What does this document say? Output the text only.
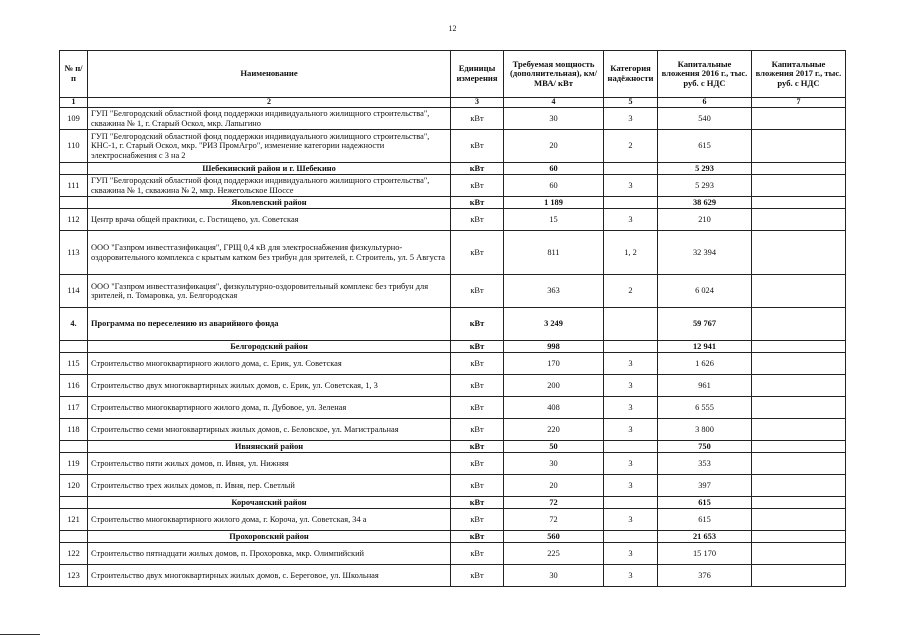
12
№ п/п	Наименование	Единицы измерения	Требуемая мощность (дополнительная), км/ МВА/ кВт	Категория надёжности	Капитальные вложения 2016 г., тыс. руб. с НДС	Капитальные вложения 2017 г., тыс. руб. с НДС
1	2	3	4	5	6	7
109	ГУП "Белгородский областной фонд поддержки индивидуального жилищного строительства", скважина № 1, г. Старый Оскол, мкр. Лапыгино	кВт	30	3	540	
110	ГУП "Белгородский областной фонд поддержки индивидуального жилищного строительства", КНС-1, г. Старый Оскол, мкр. "РИЗ ПромАгро", изменение категории надежности электроснабжения с 3 на 2	кВт	20	2	615	
	Шебекинский район и г. Шебекино	кВт	60		5 293	
111	ГУП "Белгородский областной фонд поддержки индивидуального жилищного строительства", скважина № 1, скважина № 2, мкр. Нежегольское Шоссе	кВт	60	3	5 293	
	Яковлевский район	кВт	1 189		38 629	
112	Центр врача общей практики, с. Гостищево, ул. Советская	кВт	15	3	210	
113	ООО "Газпром инвестгазификация", ГРЩ 0,4 кВ для электроснабжения физкультурно-оздоровительного комплекса с крытым катком без трибун для зрителей, г. Строитель, ул. 5 Августа	кВт	811	1, 2	32 394	
114	ООО "Газпром инвестгазификация", физкультурно-оздоровительный комплекс без трибун для зрителей, п. Томаровка, ул. Белгородская	кВт	363	2	6 024	
4.	Программа по переселению из аварийного фонда	кВт	3 249		59 767	
	Белгородский район	кВт	998		12 941	
115	Строительство многоквартирного жилого дома, с. Ерик, ул. Советская	кВт	170	3	1 626	
116	Строительство двух многоквартирных жилых домов, с. Ерик, ул. Советская, 1, 3	кВт	200	3	961	
117	Строительство многоквартирного жилого дома, п. Дубовое, ул. Зеленая	кВт	408	3	6 555	
118	Строительство семи многоквартирных жилых домов, с. Беловское, ул. Магистральная	кВт	220	3	3 800	
	Ивнянский район	кВт	50		750	
119	Строительство пяти жилых домов, п. Ивня, ул. Нижняя	кВт	30	3	353	
120	Строительство трех жилых домов, п. Ивня, пер. Светлый	кВт	20	3	397	
	Корочанский район	кВт	72		615	
121	Строительство многоквартирного жилого дома, г. Короча, ул. Советская, 34 а	кВт	72	3	615	
	Прохоровский район	кВт	560		21 653	
122	Строительство пятнадцати жилых домов, п. Прохоровка, мкр. Олимпийский	кВт	225	3	15 170	
123	Строительство двух многоквартирных жилых домов, с. Береговое, ул. Школьная	кВт	30	3	376	
